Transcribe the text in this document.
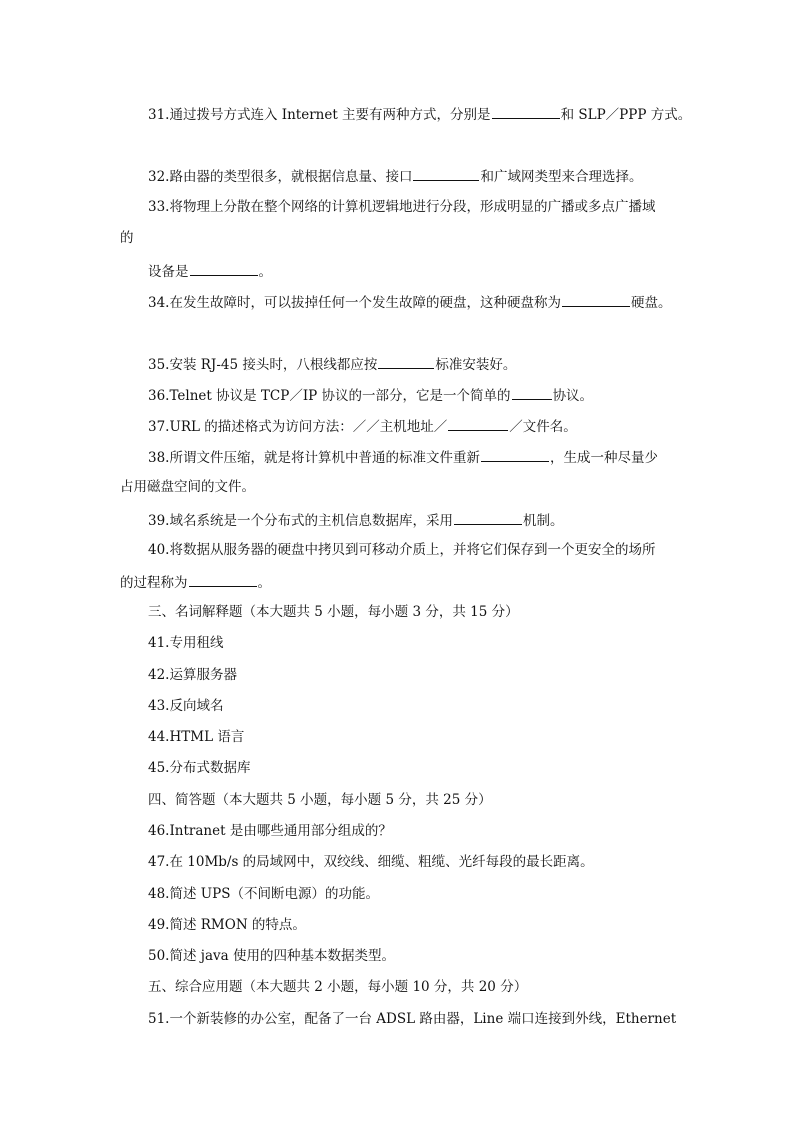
31.通过拨号方式连入 Internet 主要有两种方式，分别是	和 SLP／PPP 方式。
32.路由器的类型很多，就根据信息量、接口	和广域网类型来合理选择。
33.将物理上分散在整个网络的计算机逻辑地进行分段，形成明显的广播或多点广播域
的
设备是	。
34.在发生故障时，可以拔掉任何一个发生故障的硬盘，这种硬盘称为	硬盘。
35.安装 RJ-45 接头时，八根线都应按	标准安装好。
36.Telnet 协议是 TCP／IP 协议的一部分，它是一个简单的	协议。
37.URL 的描述格式为访问方法：／／主机地址／	／文件名。
38.所谓文件压缩，就是将计算机中普通的标准文件重新	，生成一种尽量少
占用磁盘空间的文件。
39.域名系统是一个分布式的主机信息数据库，采用	机制。
40.将数据从服务器的硬盘中拷贝到可移动介质上，并将它们保存到一个更安全的场所
的过程称为	。
三、名词解释题（本大题共 5 小题，每小题 3 分，共 15 分）
41.专用租线
42.运算服务器
43.反向域名
44.HTML 语言
45.分布式数据库
四、简答题（本大题共 5 小题，每小题 5 分，共 25 分）
46.Intranet 是由哪些通用部分组成的？
47.在 10Mb/s 的局域网中，双绞线、细缆、粗缆、光纤每段的最长距离。
48.简述 UPS（不间断电源）的功能。
49.简述 RMON 的特点。
50.简述 java 使用的四种基本数据类型。
五、综合应用题（本大题共 2 小题，每小题 10 分，共 20 分）
51.一个新装修的办公室，配备了一台 ADSL 路由器，Line 端口连接到外线，Ethernet
